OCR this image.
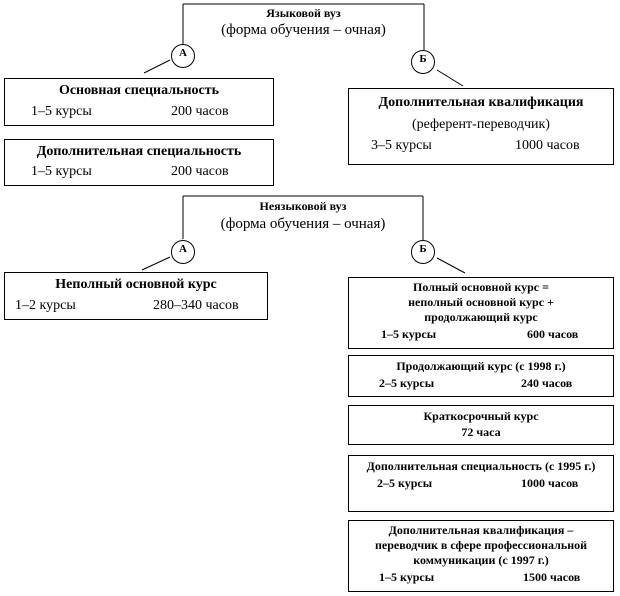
Языковой вуз
(форма обучения – очная)
А	Б
Основная специальность
1–5 курсы	200 часов
Дополнительная специальность
1–5 курсы	200 часов
Дополнительная квалификация
(референт-переводчик)
3–5 курсы	1000 часов
Неязыковой вуз
(форма обучения – очная)
А	Б
Неполный основной курс
1–2 курсы	280–340 часов
Полный основной курс =
неполный основной курс +
продолжающий курс
1–5 курсы	600 часов
Продолжающий курс (с 1998 г.)
2–5 курсы	240 часов
Краткосрочный курс
72 часа
Дополнительная специальность (с 1995 г.)
2–5 курсы	1000 часов
Дополнительная квалификация –
переводчик в сфере профессиональной
коммуникации (с 1997 г.)
1–5 курсы	1500 часов
